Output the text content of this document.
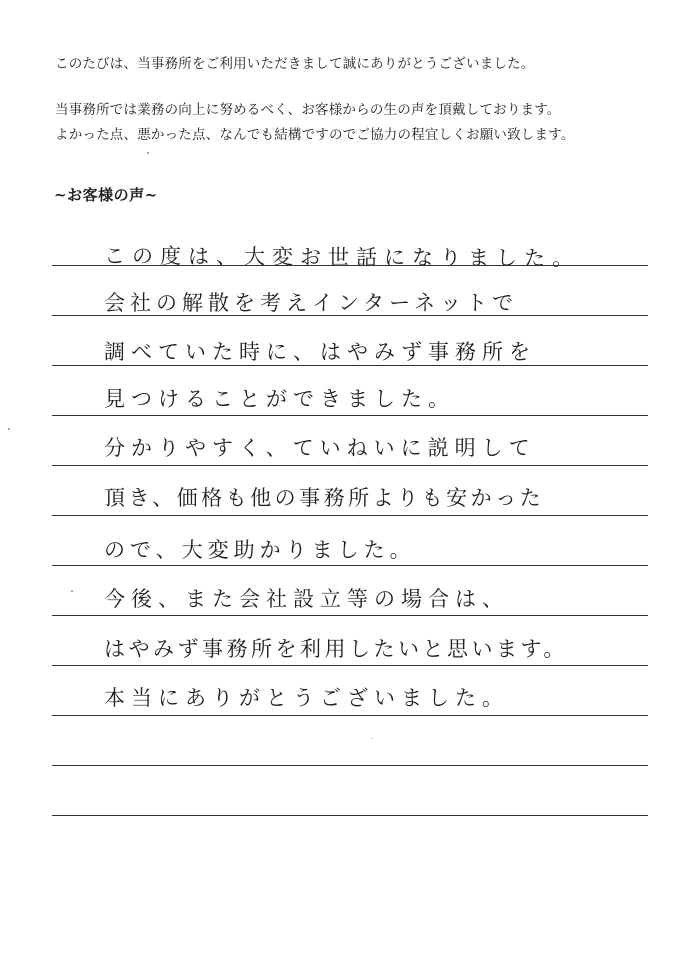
このたびは、当事務所をご利用いただきまして誠にありがとうございました。
当事務所では業務の向上に努めるべく、お客様からの生の声を頂戴しております。
よかった点、悪かった点、なんでも結構ですのでご協力の程宜しくお願い致します。
~お客様の声~
この度は、大変お世話になりました。
会社の解散を考えインターネットで
調べていた時に、はやみず事務所を
見つけることができました。
分かりやすく、ていねいに説明して
頂き、価格も他の事務所よりも安かった
ので、大変助かりました。
今後、また会社設立等の場合は、
はやみず事務所を利用したいと思います。
本当にありがとうございました。
